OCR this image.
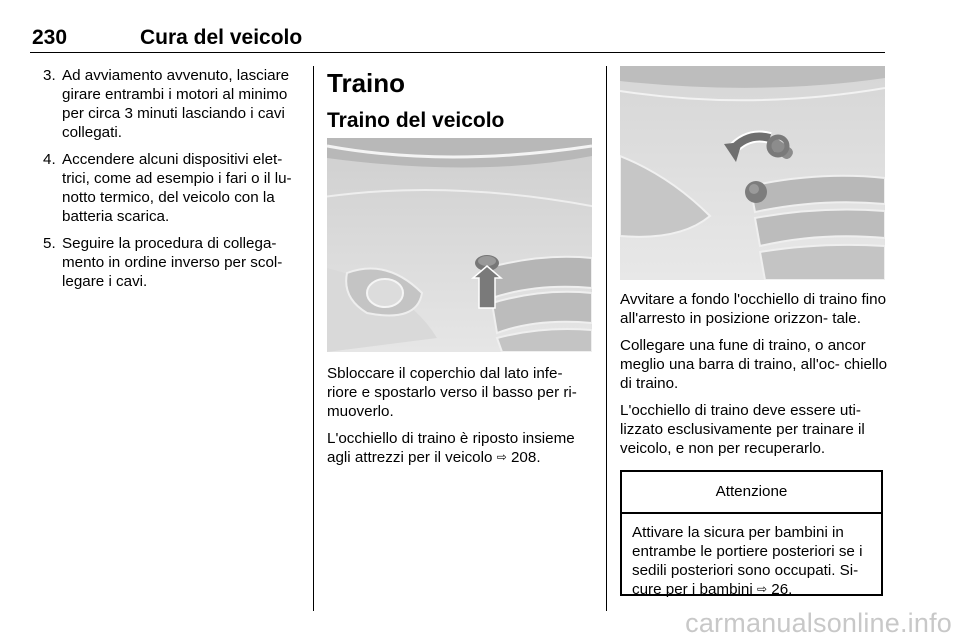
230	Cura del veicolo
3. Ad avviamento avvenuto, lasciare girare entrambi i motori al minimo per circa 3 minuti lasciando i cavi collegati.
4. Accendere alcuni dispositivi elet- trici, come ad esempio i fari o il lu- notto termico, del veicolo con la batteria scarica.
5. Seguire la procedura di collega- mento in ordine inverso per scol- legare i cavi.
Traino
Traino del veicolo

Sbloccare il coperchio dal lato infe- riore e spostarlo verso il basso per ri- muoverlo.

L'occhiello di traino è riposto insieme agli attrezzi per il veicolo ⇨ 208.

Avvitare a fondo l'occhiello di traino fino all'arresto in posizione orizzon- tale.

Collegare una fune di traino, o ancor meglio una barra di traino, all'oc- chiello di traino.

L'occhiello di traino deve essere uti- lizzato esclusivamente per trainare il veicolo, e non per recuperarlo.

Attenzione
Attivare la sicura per bambini in entrambe le portiere posteriori se i sedili posteriori sono occupati. Si- cure per i bambini ⇨ 26.
carmanualsonline.info
